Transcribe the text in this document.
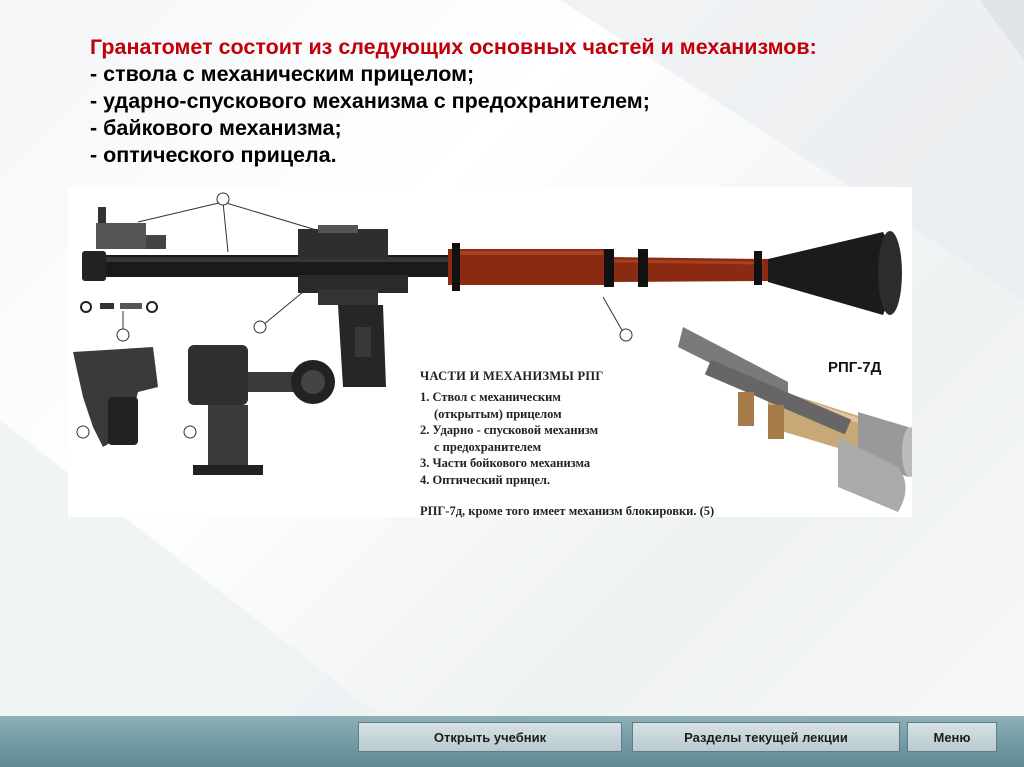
Гранатомет состоит из следующих основных частей и механизмов:
- ствола с механическим прицелом;
- ударно-спускового механизма с предохранителем;
- байкового механизма;
- оптического прицела.
ЧАСТИ И МЕХАНИЗМЫ РПГ
1. Ствол с механическим
(открытым) прицелом
2. Ударно - спусковой механизм
с предохранителем
3. Части бойкового механизма
4. Оптический прицел.
РПГ-7д, кроме того имеет механизм блокировки. (5)
РПГ-7Д
Открыть учебник	Разделы текущей лекции	Меню
